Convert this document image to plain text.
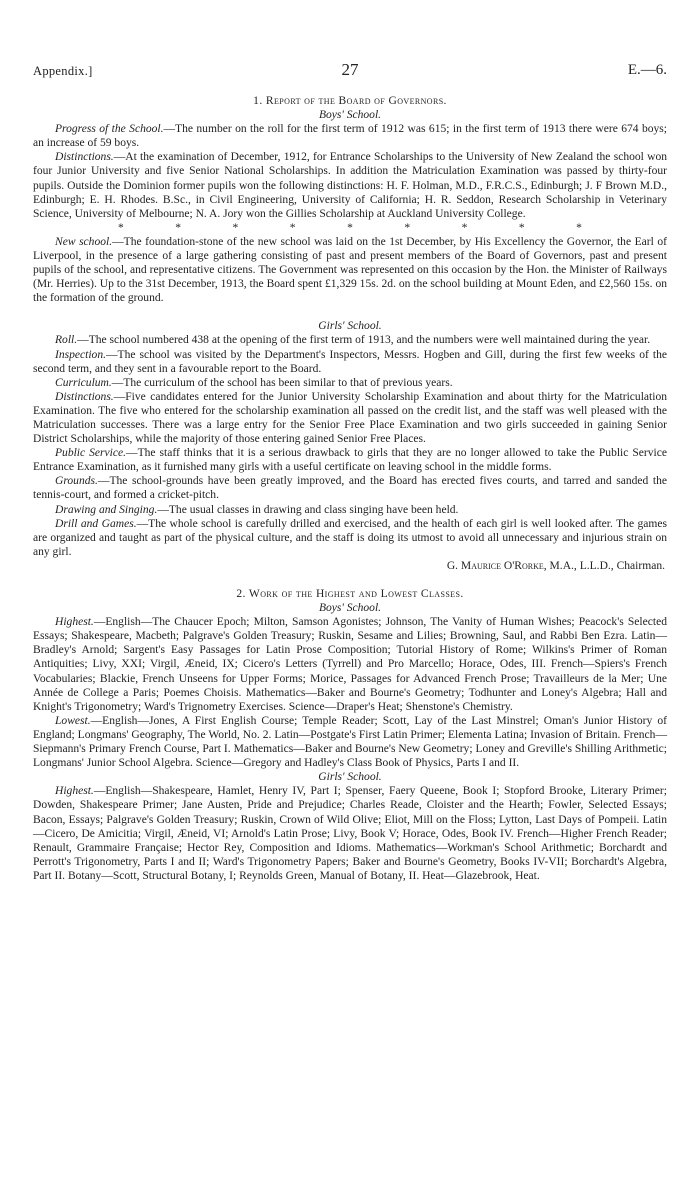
Appendix.]	27	E.—6.
1. Report of the Board of Governors.
Boys' School.

Progress of the School.—The number on the roll for the first term of 1912 was 615; in the first term of 1913 there were 674 boys; an increase of 59 boys.

Distinctions.—At the examination of December, 1912, for Entrance Scholarships to the University of New Zealand the school won four Junior University and five Senior National Scholarships. In addition the Matriculation Examination was passed by thirty-four pupils. Outside the Dominion former pupils won the following distinctions: H. F. Holman, M.D., F.R.C.S., Edinburgh; J. F Brown M.D., Edinburgh; E. H. Rhodes. B.Sc., in Civil Engineering, University of California; H. R. Seddon, Research Scholarship in Veterinary Science, University of Melbourne; N. A. Jory won the Gillies Scholarship at Auckland University College.

*	*	*	*	*	*	*	*	*

New school.—The foundation-stone of the new school was laid on the 1st December, by His Excellency the Governor, the Earl of Liverpool, in the presence of a large gathering consisting of past and present members of the Board of Governors, past and present pupils of the school, and representative citizens. The Government was represented on this occasion by the Hon. the Minister of Railways (Mr. Herries). Up to the 31st December, 1913, the Board spent £1,329 15s. 2d. on the school building at Mount Eden, and £2,560 15s. on the formation of the ground.

Girls' School.

Roll.—The school numbered 438 at the opening of the first term of 1913, and the numbers were well maintained during the year.

Inspection.—The school was visited by the Department's Inspectors, Messrs. Hogben and Gill, during the first few weeks of the second term, and they sent in a favourable report to the Board.

Curriculum.—The curriculum of the school has been similar to that of previous years.

Distinctions.—Five candidates entered for the Junior University Scholarship Examination and about thirty for the Matriculation Examination. The five who entered for the scholarship examination all passed on the credit list, and the staff was well pleased with the Matriculation successes. There was a large entry for the Senior Free Place Examination and two girls succeeded in gaining Senior District Scholarships, while the majority of those entering gained Senior Free Places.

Public Service.—The staff thinks that it is a serious drawback to girls that they are no longer allowed to take the Public Service Entrance Examination, as it furnished many girls with a useful certificate on leaving school in the middle forms.

Grounds.—The school-grounds have been greatly improved, and the Board has erected fives courts, and tarred and sanded the tennis-court, and formed a cricket-pitch.

Drawing and Singing.—The usual classes in drawing and class singing have been held.

Drill and Games.—The whole school is carefully drilled and exercised, and the health of each girl is well looked after. The games are organized and taught as part of the physical culture, and the staff is doing its utmost to avoid all unnecessary and injurious strain on any girl.

G. Maurice O'Rorke, M.A., L.L.D., Chairman.
2. Work of the Highest and Lowest Classes.
Boys' School.

Highest.—English—The Chaucer Epoch; Milton, Samson Agonistes; Johnson, The Vanity of Human Wishes; Peacock's Selected Essays; Shakespeare, Macbeth; Palgrave's Golden Treasury; Ruskin, Sesame and Lilies; Browning, Saul, and Rabbi Ben Ezra. Latin—Bradley's Arnold; Sargent's Easy Passages for Latin Prose Composition; Tutorial History of Rome; Wilkins's Primer of Roman Antiquities; Livy, XXI; Virgil, Æneid, IX; Cicero's Letters (Tyrrell) and Pro Marcello; Horace, Odes, III. French—Spiers's French Vocabularies; Blackie, French Unseens for Upper Forms; Morice, Passages for Advanced French Prose; Travailleurs de la Mer; Une Année de College a Paris; Poemes Choisis. Mathematics—Baker and Bourne's Geometry; Todhunter and Loney's Algebra; Hall and Knight's Trigonometry; Ward's Trignometry Exercises. Science—Draper's Heat; Shenstone's Chemistry.

Lowest.—English—Jones, A First English Course; Temple Reader; Scott, Lay of the Last Minstrel; Oman's Junior History of England; Longmans' Geography, The World, No. 2. Latin—Postgate's First Latin Primer; Elementa Latina; Invasion of Britain. French—Siepmann's Primary French Course, Part I. Mathematics—Baker and Bourne's New Geometry; Loney and Greville's Shilling Arithmetic; Longmans' Junior School Algebra. Science—Gregory and Hadley's Class Book of Physics, Parts I and II.

Girls' School.

Highest.—English—Shakespeare, Hamlet, Henry IV, Part I; Spenser, Faery Queene, Book I; Stopford Brooke, Literary Primer; Dowden, Shakespeare Primer; Jane Austen, Pride and Prejudice; Charles Reade, Cloister and the Hearth; Fowler, Selected Essays; Bacon, Essays; Palgrave's Golden Treasury; Ruskin, Crown of Wild Olive; Eliot, Mill on the Floss; Lytton, Last Days of Pompeii. Latin—Cicero, De Amicitia; Virgil, Æneid, VI; Arnold's Latin Prose; Livy, Book V; Horace, Odes, Book IV. French—Higher French Reader; Renault, Grammaire Française; Hector Rey, Composition and Idioms. Mathematics—Workman's School Arithmetic; Borchardt and Perrott's Trigonometry, Parts I and II; Ward's Trigonometry Papers; Baker and Bourne's Geometry, Books IV-VII; Borchardt's Algebra, Part II. Botany—Scott, Structural Botany, I; Reynolds Green, Manual of Botany, II. Heat—Glazebrook, Heat.
